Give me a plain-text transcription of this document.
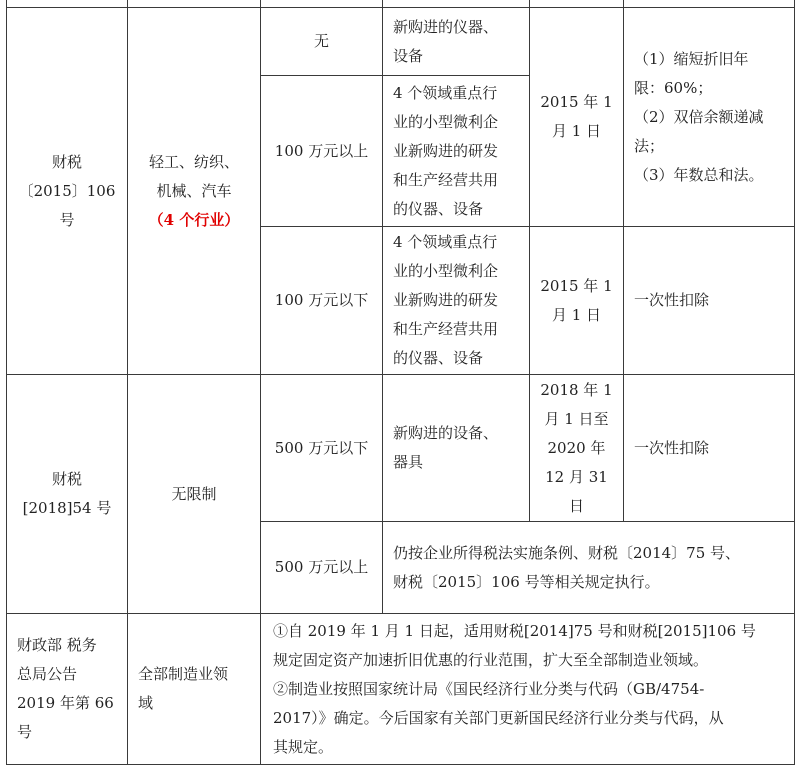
财税
〔2015〕106
号
轻工、纺织、
机械、汽车
（4 个行业）
无
新购进的仪器、
设备
100 万元以上
4 个领域重点行
业的小型微利企
业新购进的研发
和生产经营共用
的仪器、设备
2015 年 1
月 1 日
（1）缩短折旧年
限：60%；
（2）双倍余额递减
法；
（3）年数总和法。
100 万元以下
4 个领域重点行
业的小型微利企
业新购进的研发
和生产经营共用
的仪器、设备
2015 年 1
月 1 日
一次性扣除
财税
[2018]54 号
无限制
500 万元以下
新购进的设备、
器具
2018 年 1
月 1 日至
2020 年
12 月 31
日
一次性扣除
500 万元以上
仍按企业所得税法实施条例、财税〔2014〕75 号、
财税〔2015〕106 号等相关规定执行。
财政部 税务
总局公告
2019 年第 66
号
全部制造业领
域
①自 2019 年 1 月 1 日起，适用财税[2014]75 号和财税[2015]106 号
规定固定资产加速折旧优惠的行业范围，扩大至全部制造业领域。
②制造业按照国家统计局《国民经济行业分类与代码（GB/4754-
2017）》确定。今后国家有关部门更新国民经济行业分类与代码，从
其规定。
